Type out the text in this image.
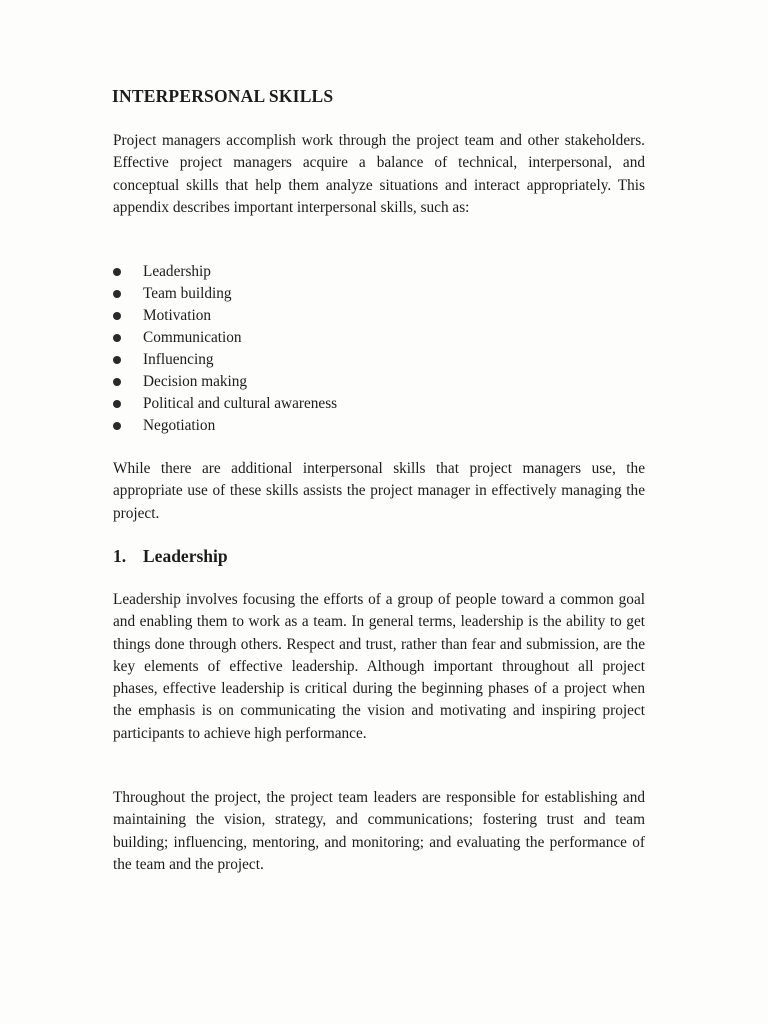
INTERPERSONAL SKILLS

Project managers accomplish work through the project team and other stakeholders. Effective project managers acquire a balance of technical, interpersonal, and conceptual skills that help them analyze situations and interact appropriately. This appendix describes important interpersonal skills, such as:

Leadership
Team building
Motivation
Communication
Influencing
Decision making
Political and cultural awareness
Negotiation

While there are additional interpersonal skills that project managers use, the appropriate use of these skills assists the project manager in effectively managing the project.

1. Leadership

Leadership involves focusing the efforts of a group of people toward a common goal and enabling them to work as a team. In general terms, leadership is the ability to get things done through others. Respect and trust, rather than fear and submission, are the key elements of effective leadership. Although important throughout all project phases, effective leadership is critical during the beginning phases of a project when the emphasis is on communicating the vision and motivating and inspiring project participants to achieve high performance.

Throughout the project, the project team leaders are responsible for establishing and maintaining the vision, strategy, and communications; fostering trust and team building; influencing, mentoring, and monitoring; and evaluating the performance of the team and the project.
